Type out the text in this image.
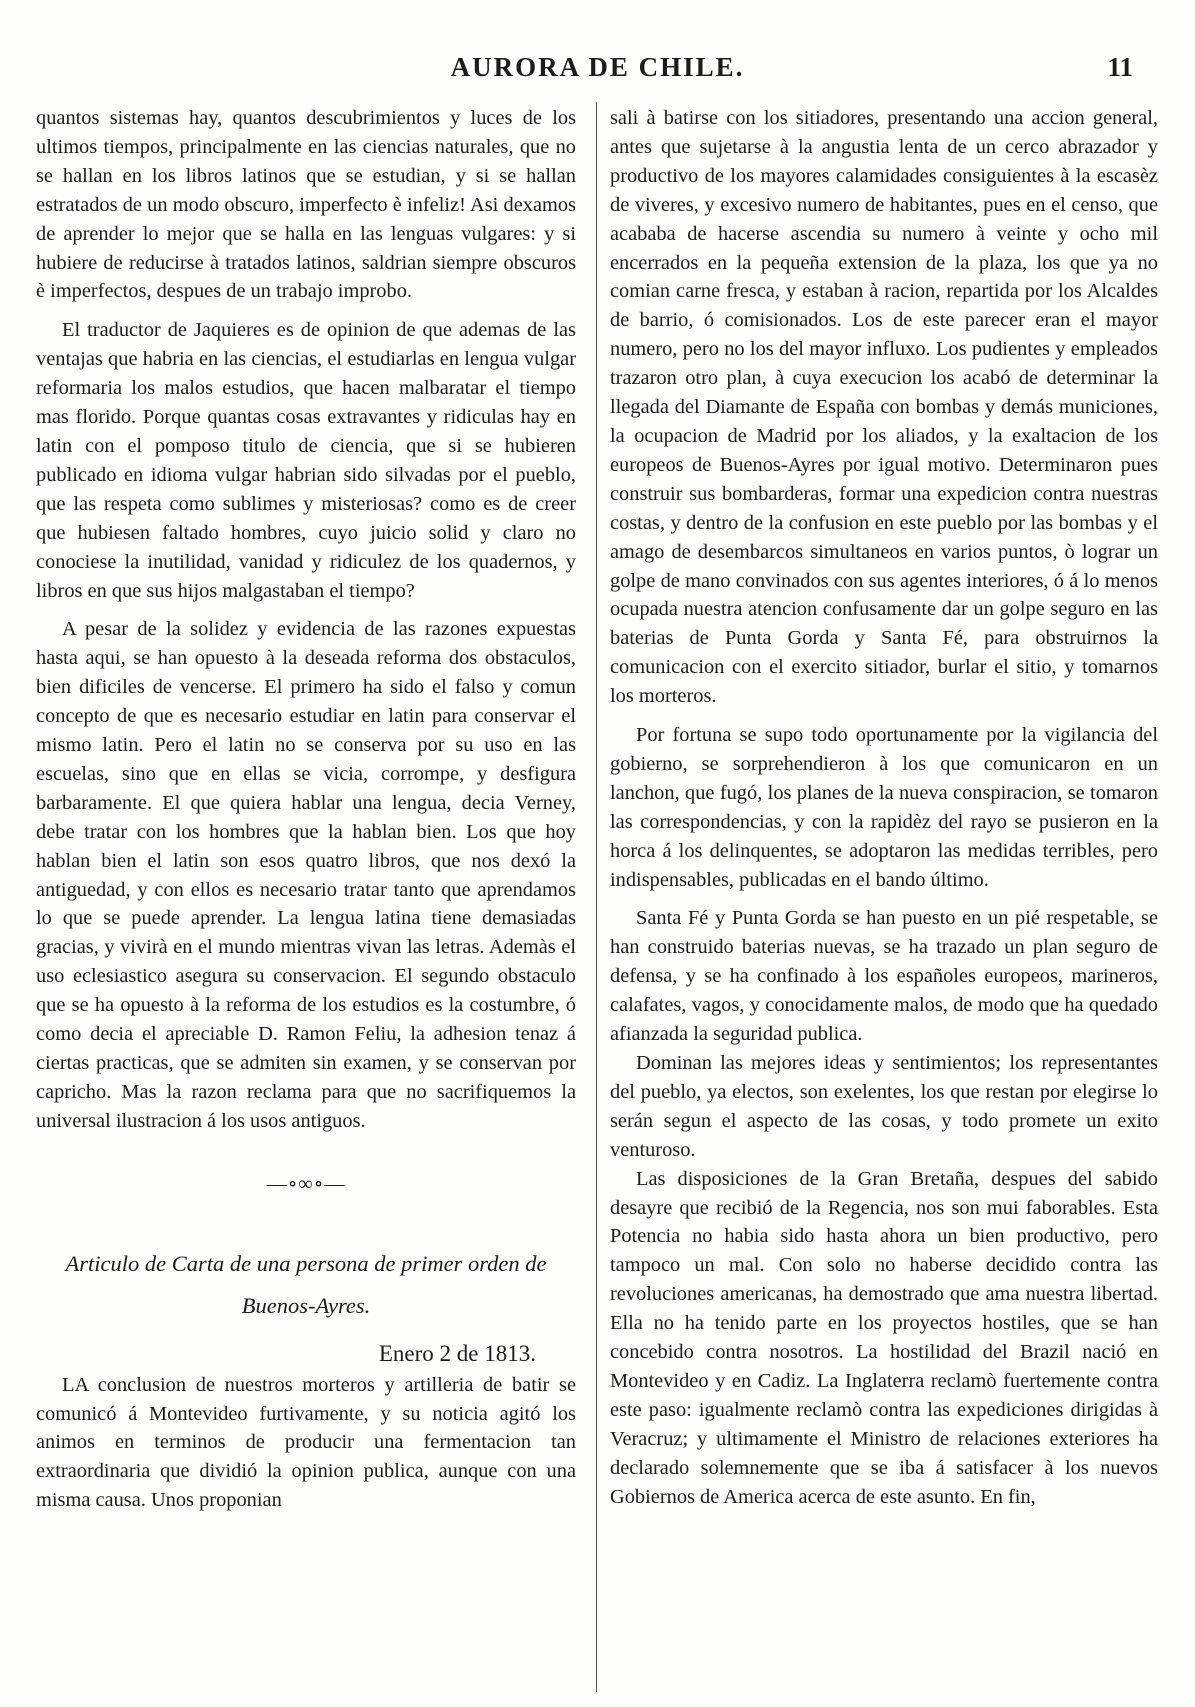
AURORA DE CHILE.	11

quantos sistemas hay, quantos descubrimientos y luces de los ultimos tiempos, principalmente en las ciencias naturales, que no se hallan en los libros latinos que se estudian, y si se hallan estratados de un modo obscuro, imperfecto è infeliz! Asi dexamos de aprender lo mejor que se halla en las lenguas vulgares: y si hubiere de reducirse à tratados latinos, saldrian siempre obscuros è imperfectos, despues de un trabajo improbo.

El traductor de Jaquieres es de opinion de que ademas de las ventajas que habria en las ciencias, el estudiarlas en lengua vulgar reformaria los malos estudios, que hacen malbaratar el tiempo mas florido. Porque quantas cosas extravantes y ridiculas hay en latin con el pomposo titulo de ciencia, que si se hubieren publicado en idioma vulgar habrian sido silvadas por el pueblo, que las respeta como sublimes y misteriosas? como es de creer que hubiesen faltado hombres, cuyo juicio solid y claro no conociese la inutilidad, vanidad y ridiculez de los quadernos, y libros en que sus hijos malgastaban el tiempo?

A pesar de la solidez y evidencia de las razones expuestas hasta aqui, se han opuesto à la deseada reforma dos obstaculos, bien dificiles de vencerse. El primero ha sido el falso y comun concepto de que es necesario estudiar en latin para conservar el mismo latin. Pero el latin no se conserva por su uso en las escuelas, sino que en ellas se vicia, corrompe, y desfigura barbaramente. El que quiera hablar una lengua, decia Verney, debe tratar con los hombres que la hablan bien. Los que hoy hablan bien el latin son esos quatro libros, que nos dexó la antiguedad, y con ellos es necesario tratar tanto que aprendamos lo que se puede aprender. La lengua latina tiene demasiadas gracias, y vivirà en el mundo mientras vivan las letras. Ademàs el uso eclesiastico asegura su conservacion. El segundo obstaculo que se ha opuesto à la reforma de los estudios es la costumbre, ó como decia el apreciable D. Ramon Feliu, la adhesion tenaz á ciertas practicas, que se admiten sin examen, y se conservan por capricho. Mas la razon reclama para que no sacrifiquemos la universal ilustracion á los usos antiguos.

—∘∞∘—
Articulo de Carta de una persona de primer orden de Buenos-Ayres.
Enero 2 de 1813.

LA conclusion de nuestros morteros y artilleria de batir se comunicó á Montevideo furtivamente, y su noticia agitó los animos en terminos de producir una fermentacion tan extraordinaria que dividió la opinion publica, aunque con una misma causa. Unos proponian

sali à batirse con los sitiadores, presentando una accion general, antes que sujetarse à la angustia lenta de un cerco abrazador y productivo de los mayores calamidades consiguientes à la escasèz de viveres, y excesivo numero de habitantes, pues en el censo, que acababa de hacerse ascendia su numero à veinte y ocho mil encerrados en la pequeña extension de la plaza, los que ya no comian carne fresca, y estaban à racion, repartida por los Alcaldes de barrio, ó comisionados. Los de este parecer eran el mayor numero, pero no los del mayor influxo. Los pudientes y empleados trazaron otro plan, à cuya execucion los acabó de determinar la llegada del Diamante de España con bombas y demás municiones, la ocupacion de Madrid por los aliados, y la exaltacion de los europeos de Buenos-Ayres por igual motivo. Determinaron pues construir sus bombarderas, formar una expedicion contra nuestras costas, y dentro de la confusion en este pueblo por las bombas y el amago de desembarcos simultaneos en varios puntos, ò lograr un golpe de mano convinados con sus agentes interiores, ó á lo menos ocupada nuestra atencion confusamente dar un golpe seguro en las baterias de Punta Gorda y Santa Fé, para obstruirnos la comunicacion con el exercito sitiador, burlar el sitio, y tomarnos los morteros.

Por fortuna se supo todo oportunamente por la vigilancia del gobierno, se sorprehendieron à los que comunicaron en un lanchon, que fugó, los planes de la nueva conspiracion, se tomaron las correspondencias, y con la rapidèz del rayo se pusieron en la horca á los delinquentes, se adoptaron las medidas terribles, pero indispensables, publicadas en el bando último.

Santa Fé y Punta Gorda se han puesto en un pié respetable, se han construido baterias nuevas, se ha trazado un plan seguro de defensa, y se ha confinado à los españoles europeos, marineros, calafates, vagos, y conocidamente malos, de modo que ha quedado afianzada la seguridad publica.

Dominan las mejores ideas y sentimientos; los representantes del pueblo, ya electos, son exelentes, los que restan por elegirse lo serán segun el aspecto de las cosas, y todo promete un exito venturoso.

Las disposiciones de la Gran Bretaña, despues del sabido desayre que recibió de la Regencia, nos son mui faborables. Esta Potencia no habia sido hasta ahora un bien productivo, pero tampoco un mal. Con solo no haberse decidido contra las revoluciones americanas, ha demostrado que ama nuestra libertad. Ella no ha tenido parte en los proyectos hostiles, que se han concebido contra nosotros. La hostilidad del Brazil nació en Montevideo y en Cadiz. La Inglaterra reclamò fuertemente contra este paso: igualmente reclamò contra las expediciones dirigidas à Veracruz; y ultimamente el Ministro de relaciones exteriores ha declarado solemnemente que se iba á satisfacer à los nuevos Gobiernos de America acerca de este asunto. En fin,
